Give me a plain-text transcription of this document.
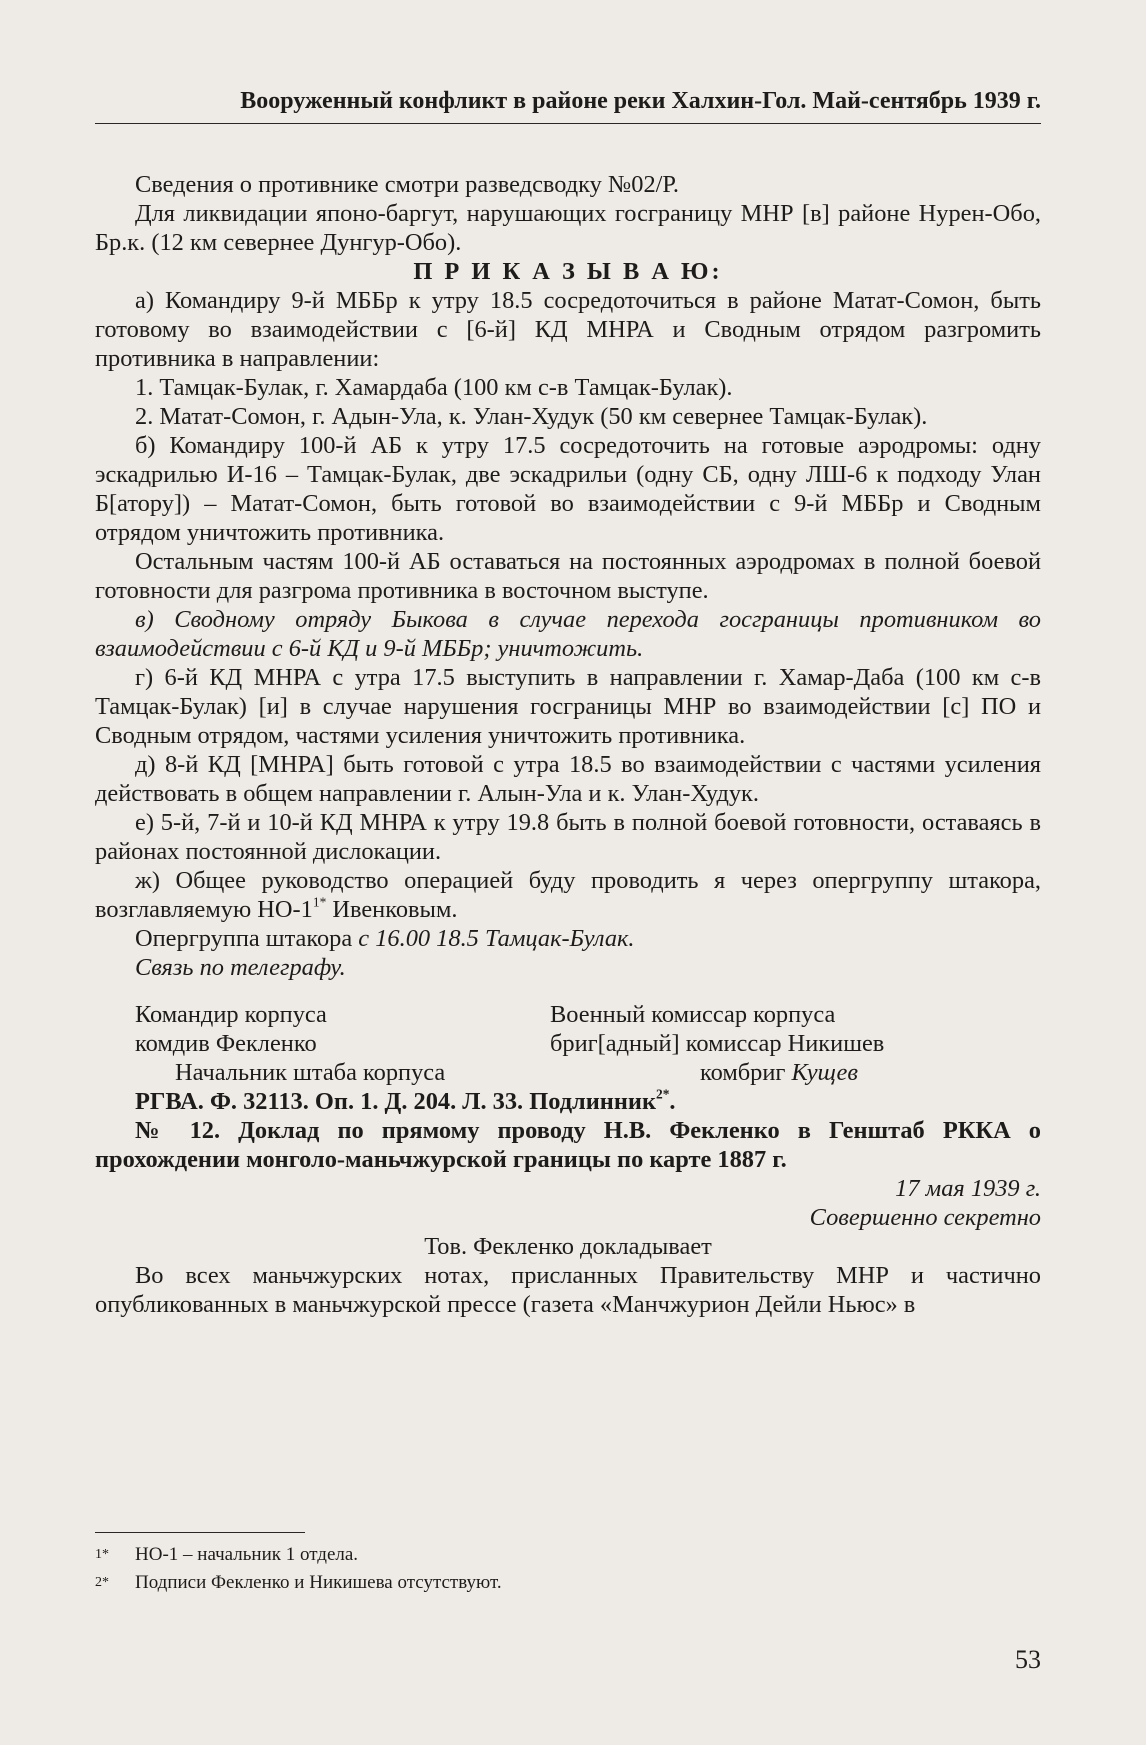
Вооруженный конфликт в районе реки Халхин-Гол. Май-сентябрь 1939 г.

Сведения о противнике смотри разведсводку №02/Р.

Для ликвидации японо-баргут, нарушающих госграницу МНР [в] районе Нурен-Обо, Бр.к. (12 км севернее Дунгур-Обо).

П Р И К А З Ы В А Ю:

а) Командиру 9-й МББр к утру 18.5 сосредоточиться в районе Матат-Сомон, быть готовому во взаимодействии с [6-й] КД МНРА и Сводным отрядом разгромить противника в направлении:

1. Тамцак-Булак, г. Хамардаба (100 км с-в Тамцак-Булак).

2. Матат-Сомон, г. Адын-Ула, к. Улан-Худук (50 км севернее Тамцак-Булак).

б) Командиру 100-й АБ к утру 17.5 сосредоточить на готовые аэродромы: одну эскадрилью И-16 – Тамцак-Булак, две эскадрильи (одну СБ, одну ЛШ-6 к подходу Улан Б[атору]) – Матат-Сомон, быть готовой во взаимодействии с 9-й МББр и Сводным отрядом уничтожить противника.

Остальным частям 100-й АБ оставаться на постоянных аэродромах в полной боевой готовности для разгрома противника в восточном выступе.

в) Сводному отряду Быкова в случае перехода госграницы противником во взаимодействии с 6-й КД и 9-й МББр; уничтожить.

г) 6-й КД МНРА с утра 17.5 выступить в направлении г. Хамар-Даба (100 км с-в Тамцак-Булак) [и] в случае нарушения госграницы МНР во взаимодействии [с] ПО и Сводным отрядом, частями усиления уничтожить противника.

д) 8-й КД [МНРА] быть готовой с утра 18.5 во взаимодействии с частями усиления действовать в общем направлении г. Алын-Ула и к. Улан-Худук.

е) 5-й, 7-й и 10-й КД МНРА к утру 19.8 быть в полной боевой готовности, оставаясь в районах постоянной дислокации.

ж) Общее руководство операцией буду проводить я через опергруппу штакора, возглавляемую $НО-1^{1*}$ Ивенковым.

Опергруппа штакора с 16.00 18.5 Тамцак-Булак.

Связь по телеграфу.

Командир корпуса	Военный комиссар корпуса
комдив Фекленко	бриг[адный] комиссар Никишев
Начальник штаба корпуса	комбриг Кущев

РГВА. Ф. 32113. Оп. 1. Д. 204. Л. 33. Подлинник$^{2*}$.

№ 12. Доклад по прямому проводу Н.В. Фекленко в Генштаб РККА о прохождении монголо-маньчжурской границы по карте 1887 г.

17 мая 1939 г.

Совершенно секретно

Тов. Фекленко докладывает

Во всех маньчжурских нотах, присланных Правительству МНР и частично опубликованных в маньчжурской прессе (газета «Манчжурион Дейли Ньюс» в

1* НО-1 – начальник 1 отдела.
2* Подписи Фекленко и Никишева отсутствуют.
53
